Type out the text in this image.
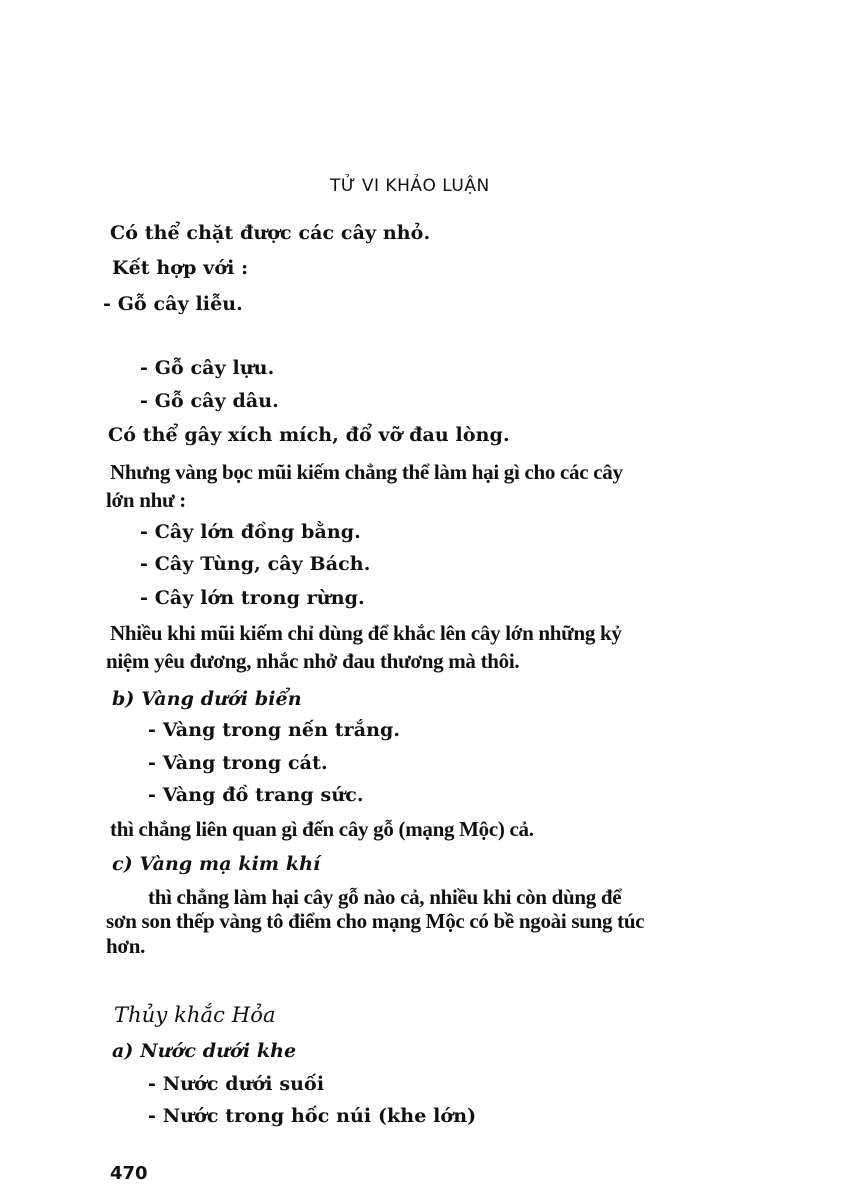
TỬ VI KHẢO LUẬN
Có thể chặt được các cây nhỏ.
Kết hợp với :
- Gỗ cây liễu.
- Gỗ cây lựu.
- Gỗ cây dâu.
Có thể gây xích mích, đổ vỡ đau lòng.
Nhưng vàng bọc mũi kiếm chẳng thể làm hại gì cho các cây
lớn như :
- Cây lớn đồng bằng.
- Cây Tùng, cây Bách.
- Cây lớn trong rừng.
Nhiều khi mũi kiếm chỉ dùng để khắc lên cây lớn những kỷ
niệm yêu đương, nhắc nhở đau thương mà thôi.
b) Vàng dưới biển
- Vàng trong nến trắng.
- Vàng trong cát.
- Vàng đồ trang sức.
thì chẳng liên quan gì đến cây gỗ (mạng Mộc) cả.
c) Vàng mạ kim khí
thì chẳng làm hại cây gỗ nào cả, nhiều khi còn dùng để
sơn son thếp vàng tô điểm cho mạng Mộc có bề ngoài sung túc
hơn.
Thủy khắc Hỏa
a) Nước dưới khe
- Nước dưới suối
- Nước trong hốc núi (khe lớn)
470
